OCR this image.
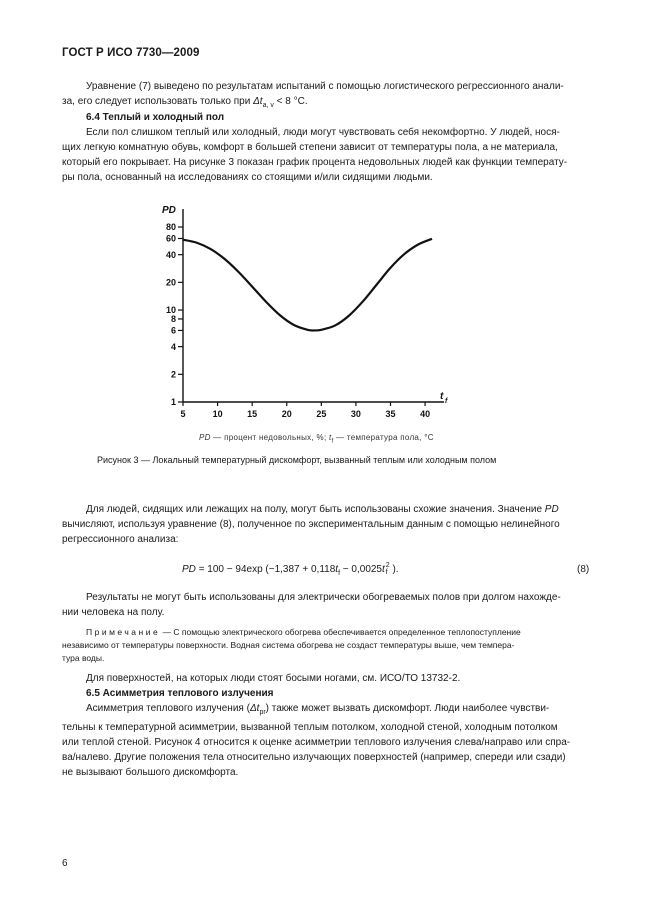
ГОСТ Р ИСО 7730—2009
Уравнение (7) выведено по результатам испытаний с помощью логистического регрессионного анали-
за, его следует использовать только при $\Delta t_{a, v} < 8$ °C.
6.4 Теплый и холодный пол
Если пол слишком теплый или холодный, люди могут чувствовать себя некомфортно. У людей, нося-
щих легкую комнатную обувь, комфорт в большей степени зависит от температуры пола, а не материала,
который его покрывает. На рисунке 3 показан график процента недовольных людей как функции температу-
ры пола, основанный на исследованиях со стоящими и/или сидящими людьми.
PD
t f
1
2
4
6
8
10
20
40
60
80
5	10	15	20	25	30	35	40
PD — процент недовольных, %; $t_f$ — температура пола, °C
Рисунок 3 — Локальный температурный дискомфорт, вызванный теплым или холодным полом
Для людей, сидящих или лежащих на полу, могут быть использованы схожие значения. Значение PD
вычисляют, используя уравнение (8), полученное по экспериментальным данным с помощью нелинейного
регрессионного анализа:
PD = 100 − 94exp ($-1,387 + 0,118t_f - 0,0025t$ 2
f ).	(8)
Результаты не могут быть использованы для электрически обогреваемых полов при долгом нахожде-
нии человека на полу.
Примечание — С помощью электрического обогрева обеспечивается определенное теплопоступление
независимо от температуры поверхности. Водная система обогрева не создаст температуры выше, чем темпера-
тура воды.
Для поверхностей, на которых люди стоят босыми ногами, см. ИСО/ТО 13732-2.
6.5 Асимметрия теплового излучения
Асимметрия теплового излучения $(\Delta t_{pr})$ также может вызвать дискомфорт. Люди наиболее чувстви-
тельны к температурной асимметрии, вызванной теплым потолком, холодной стеной, холодным потолком
или теплой стеной. Рисунок 4 относится к оценке асимметрии теплового излучения слева/направо или спра-
ва/налево. Другие положения тела относительно излучающих поверхностей (например, спереди или сзади)
не вызывают большого дискомфорта.
6
